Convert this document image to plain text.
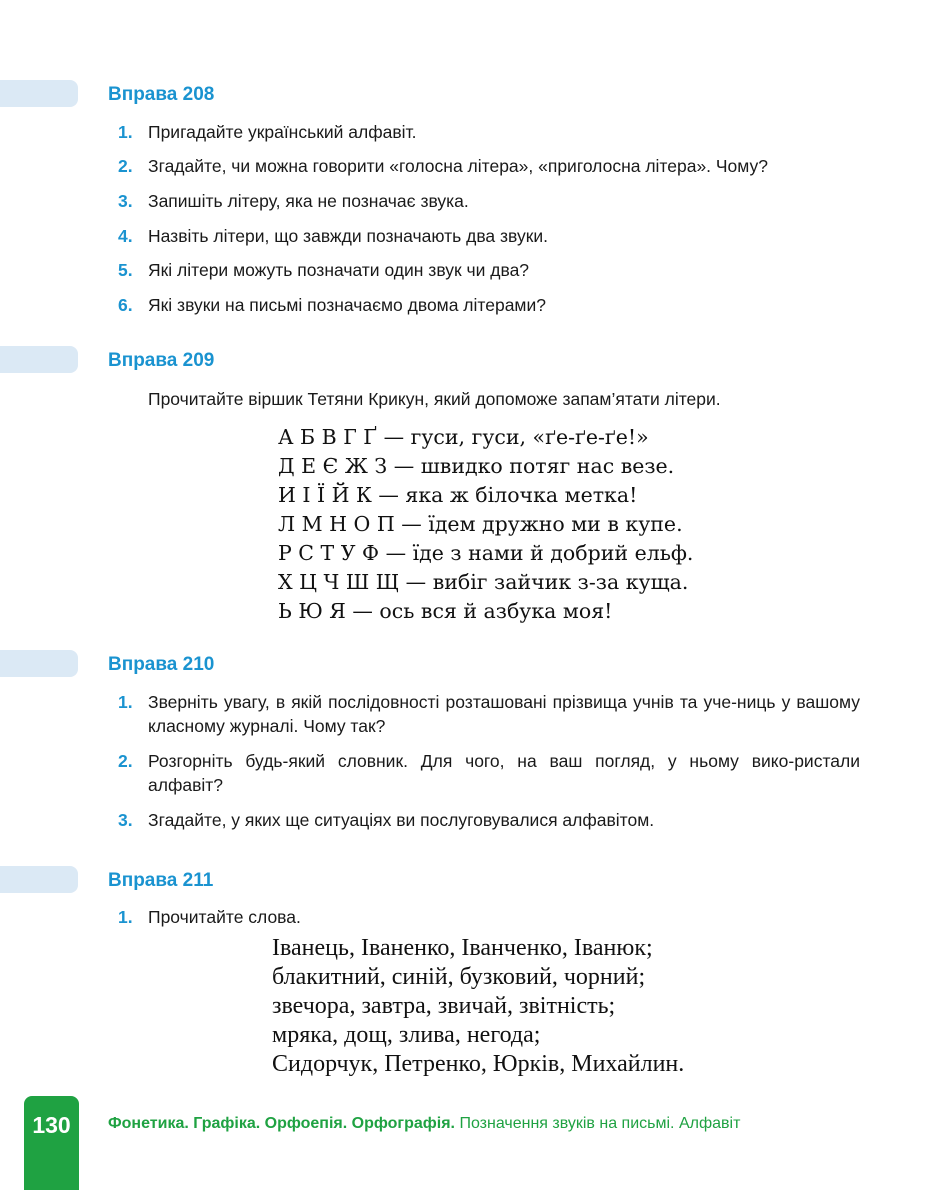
Вправа 208
1. Пригадайте український алфавіт.
2. Згадайте, чи можна говорити «голосна літера», «приголосна літера». Чому?
3. Запишіть літеру, яка не позначає звука.
4. Назвіть літери, що завжди позначають два звуки.
5. Які літери можуть позначати один звук чи два?
6. Які звуки на письмі позначаємо двома літерами?
Вправа 209

Прочитайте віршик Тетяни Крикун, який допоможе запам’ятати літери.

А Б В Г Ґ — гуси, гуси, «ґе-ґе-ґе!»
Д Е Є Ж З — швидко потяг нас везе.
И І Ї Й К — яка ж білочка метка!
Л М Н О П — їдем дружно ми в купе.
Р С Т У Ф — їде з нами й добрий ельф.
Х Ц Ч Ш Щ — вибіг зайчик з-за куща.
Ь Ю Я — ось вся й азбука моя!
Вправа 210
1. Зверніть увагу, в якій послідовності розташовані прізвища учнів та уче-ниць у вашому класному журналі. Чому так?
2. Розгорніть будь-який словник. Для чого, на ваш погляд, у ньому вико-ристали алфавіт?
3. Згадайте, у яких ще ситуаціях ви послуговувалися алфавітом.
Вправа 211
1. Прочитайте слова.
Іванець, Іваненко, Іванченко, Іванюк;
блакитний, синій, бузковий, чорний;
звечора, завтра, звичай, звітність;
мряка, дощ, злива, негода;
Сидорчук, Петренко, Юрків, Михайлин.
130	Фонетика. Графіка. Орфоепія. Орфографія. Позначення звуків на письмі. Алфавіт
